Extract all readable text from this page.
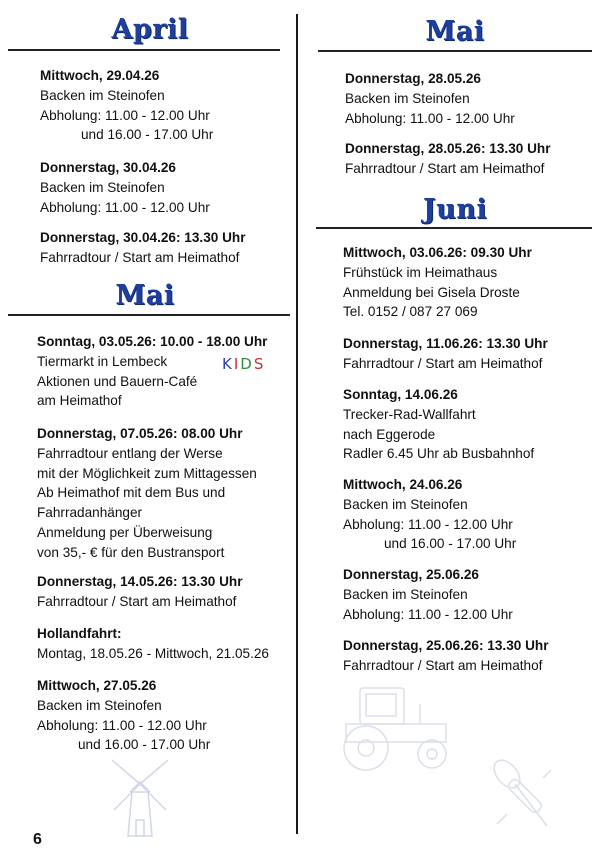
April
Mittwoch, 29.04.26
Backen im Steinofen
Abholung: 11.00 - 12.00 Uhr
und 16.00 - 17.00 Uhr
Donnerstag, 30.04.26
Backen im Steinofen
Abholung: 11.00 - 12.00 Uhr
Donnerstag, 30.04.26: 13.30 Uhr
Fahrradtour / Start am Heimathof
Mai
Sonntag, 03.05.26: 10.00 - 18.00 Uhr
Tiermarkt in Lembeck
Aktionen und Bauern-Café
am Heimathof
KIDS
Donnerstag, 07.05.26: 08.00 Uhr
Fahrradtour entlang der Werse
mit der Möglichkeit zum Mittagessen
Ab Heimathof mit dem Bus und
Fahrradanhänger
Anmeldung per Überweisung
von 35,- € für den Bustransport
Donnerstag, 14.05.26: 13.30 Uhr
Fahrradtour / Start am Heimathof
Hollandfahrt:
Montag, 18.05.26 - Mittwoch, 21.05.26
Mittwoch, 27.05.26
Backen im Steinofen
Abholung: 11.00 - 12.00 Uhr
und 16.00 - 17.00 Uhr
6
Mai
Donnerstag, 28.05.26
Backen im Steinofen
Abholung: 11.00 - 12.00 Uhr
Donnerstag, 28.05.26: 13.30 Uhr
Fahrradtour / Start am Heimathof
Juni
Mittwoch, 03.06.26: 09.30 Uhr
Frühstück im Heimathaus
Anmeldung bei Gisela Droste
Tel. 0152 / 087 27 069
Donnerstag, 11.06.26: 13.30 Uhr
Fahrradtour / Start am Heimathof
Sonntag, 14.06.26
Trecker-Rad-Wallfahrt
nach Eggerode
Radler 6.45 Uhr ab Busbahnhof
Mittwoch, 24.06.26
Backen im Steinofen
Abholung: 11.00 - 12.00 Uhr
und 16.00 - 17.00 Uhr
Donnerstag, 25.06.26
Backen im Steinofen
Abholung: 11.00 - 12.00 Uhr
Donnerstag, 25.06.26: 13.30 Uhr
Fahrradtour / Start am Heimathof
